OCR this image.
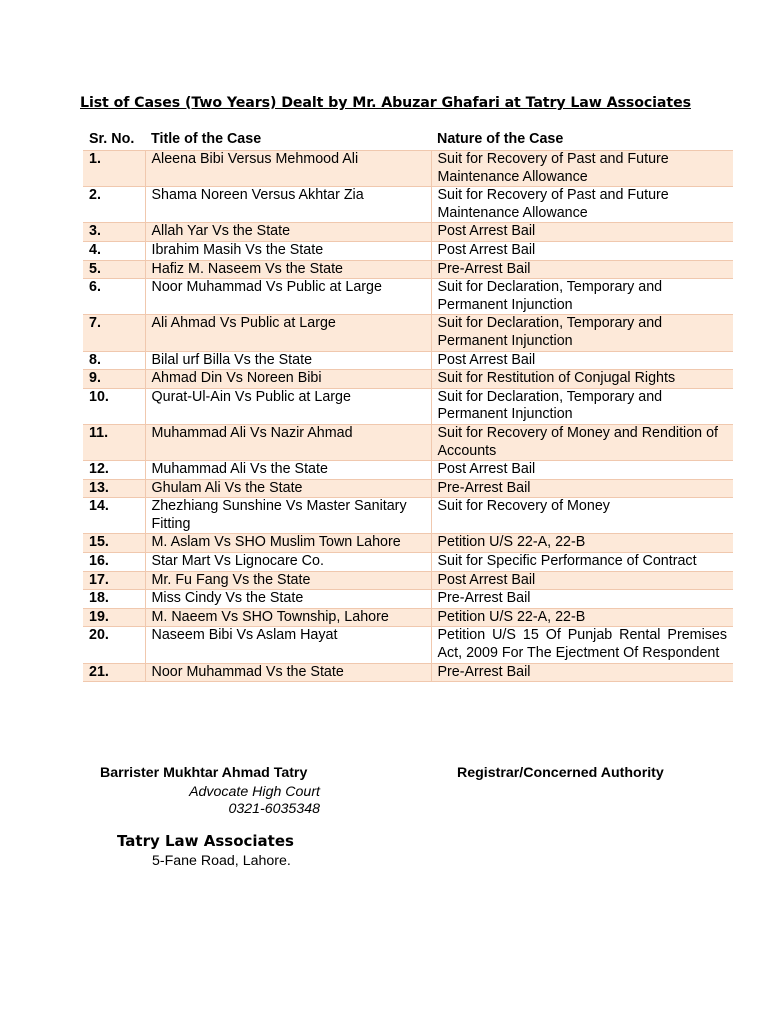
List of Cases (Two Years) Dealt by Mr. Abuzar Ghafari at Tatry Law Associates
Sr. No.	Title of the Case	Nature of the Case
1.	Aleena Bibi Versus Mehmood Ali	Suit for Recovery of Past and Future Maintenance Allowance
2.	Shama Noreen Versus Akhtar Zia	Suit for Recovery of Past and Future Maintenance Allowance
3.	Allah Yar Vs the State	Post Arrest Bail
4.	Ibrahim Masih Vs the State	Post Arrest Bail
5.	Hafiz M. Naseem Vs the State	Pre-Arrest Bail
6.	Noor Muhammad Vs Public at Large	Suit for Declaration, Temporary and Permanent Injunction
7.	Ali Ahmad Vs Public at Large	Suit for Declaration, Temporary and Permanent Injunction
8.	Bilal urf Billa Vs the State	Post Arrest Bail
9.	Ahmad Din Vs Noreen Bibi	Suit for Restitution of Conjugal Rights
10.	Qurat-Ul-Ain Vs Public at Large	Suit for Declaration, Temporary and Permanent Injunction
11.	Muhammad Ali Vs Nazir Ahmad	Suit for Recovery of Money and Rendition of Accounts
12.	Muhammad Ali Vs the State	Post Arrest Bail
13.	Ghulam Ali Vs the State	Pre-Arrest Bail
14.	Zhezhiang Sunshine Vs Master Sanitary Fitting	Suit for Recovery of Money
15.	M. Aslam Vs SHO Muslim Town Lahore	Petition U/S 22-A, 22-B
16.	Star Mart Vs Lignocare Co.	Suit for Specific Performance of Contract
17.	Mr. Fu Fang Vs the State	Post Arrest Bail
18.	Miss Cindy Vs the State	Pre-Arrest Bail
19.	M. Naeem Vs SHO Township, Lahore	Petition U/S 22-A, 22-B
20.	Naseem Bibi Vs Aslam Hayat	Petition U/S 15 Of Punjab Rental Premises Act, 2009 For The Ejectment Of Respondent
21.	Noor Muhammad Vs the State	Pre-Arrest Bail
Barrister Mukhtar Ahmad Tatry
Advocate High Court
0321-6035348
Tatry Law Associates
5-Fane Road, Lahore.
Registrar/Concerned Authority
